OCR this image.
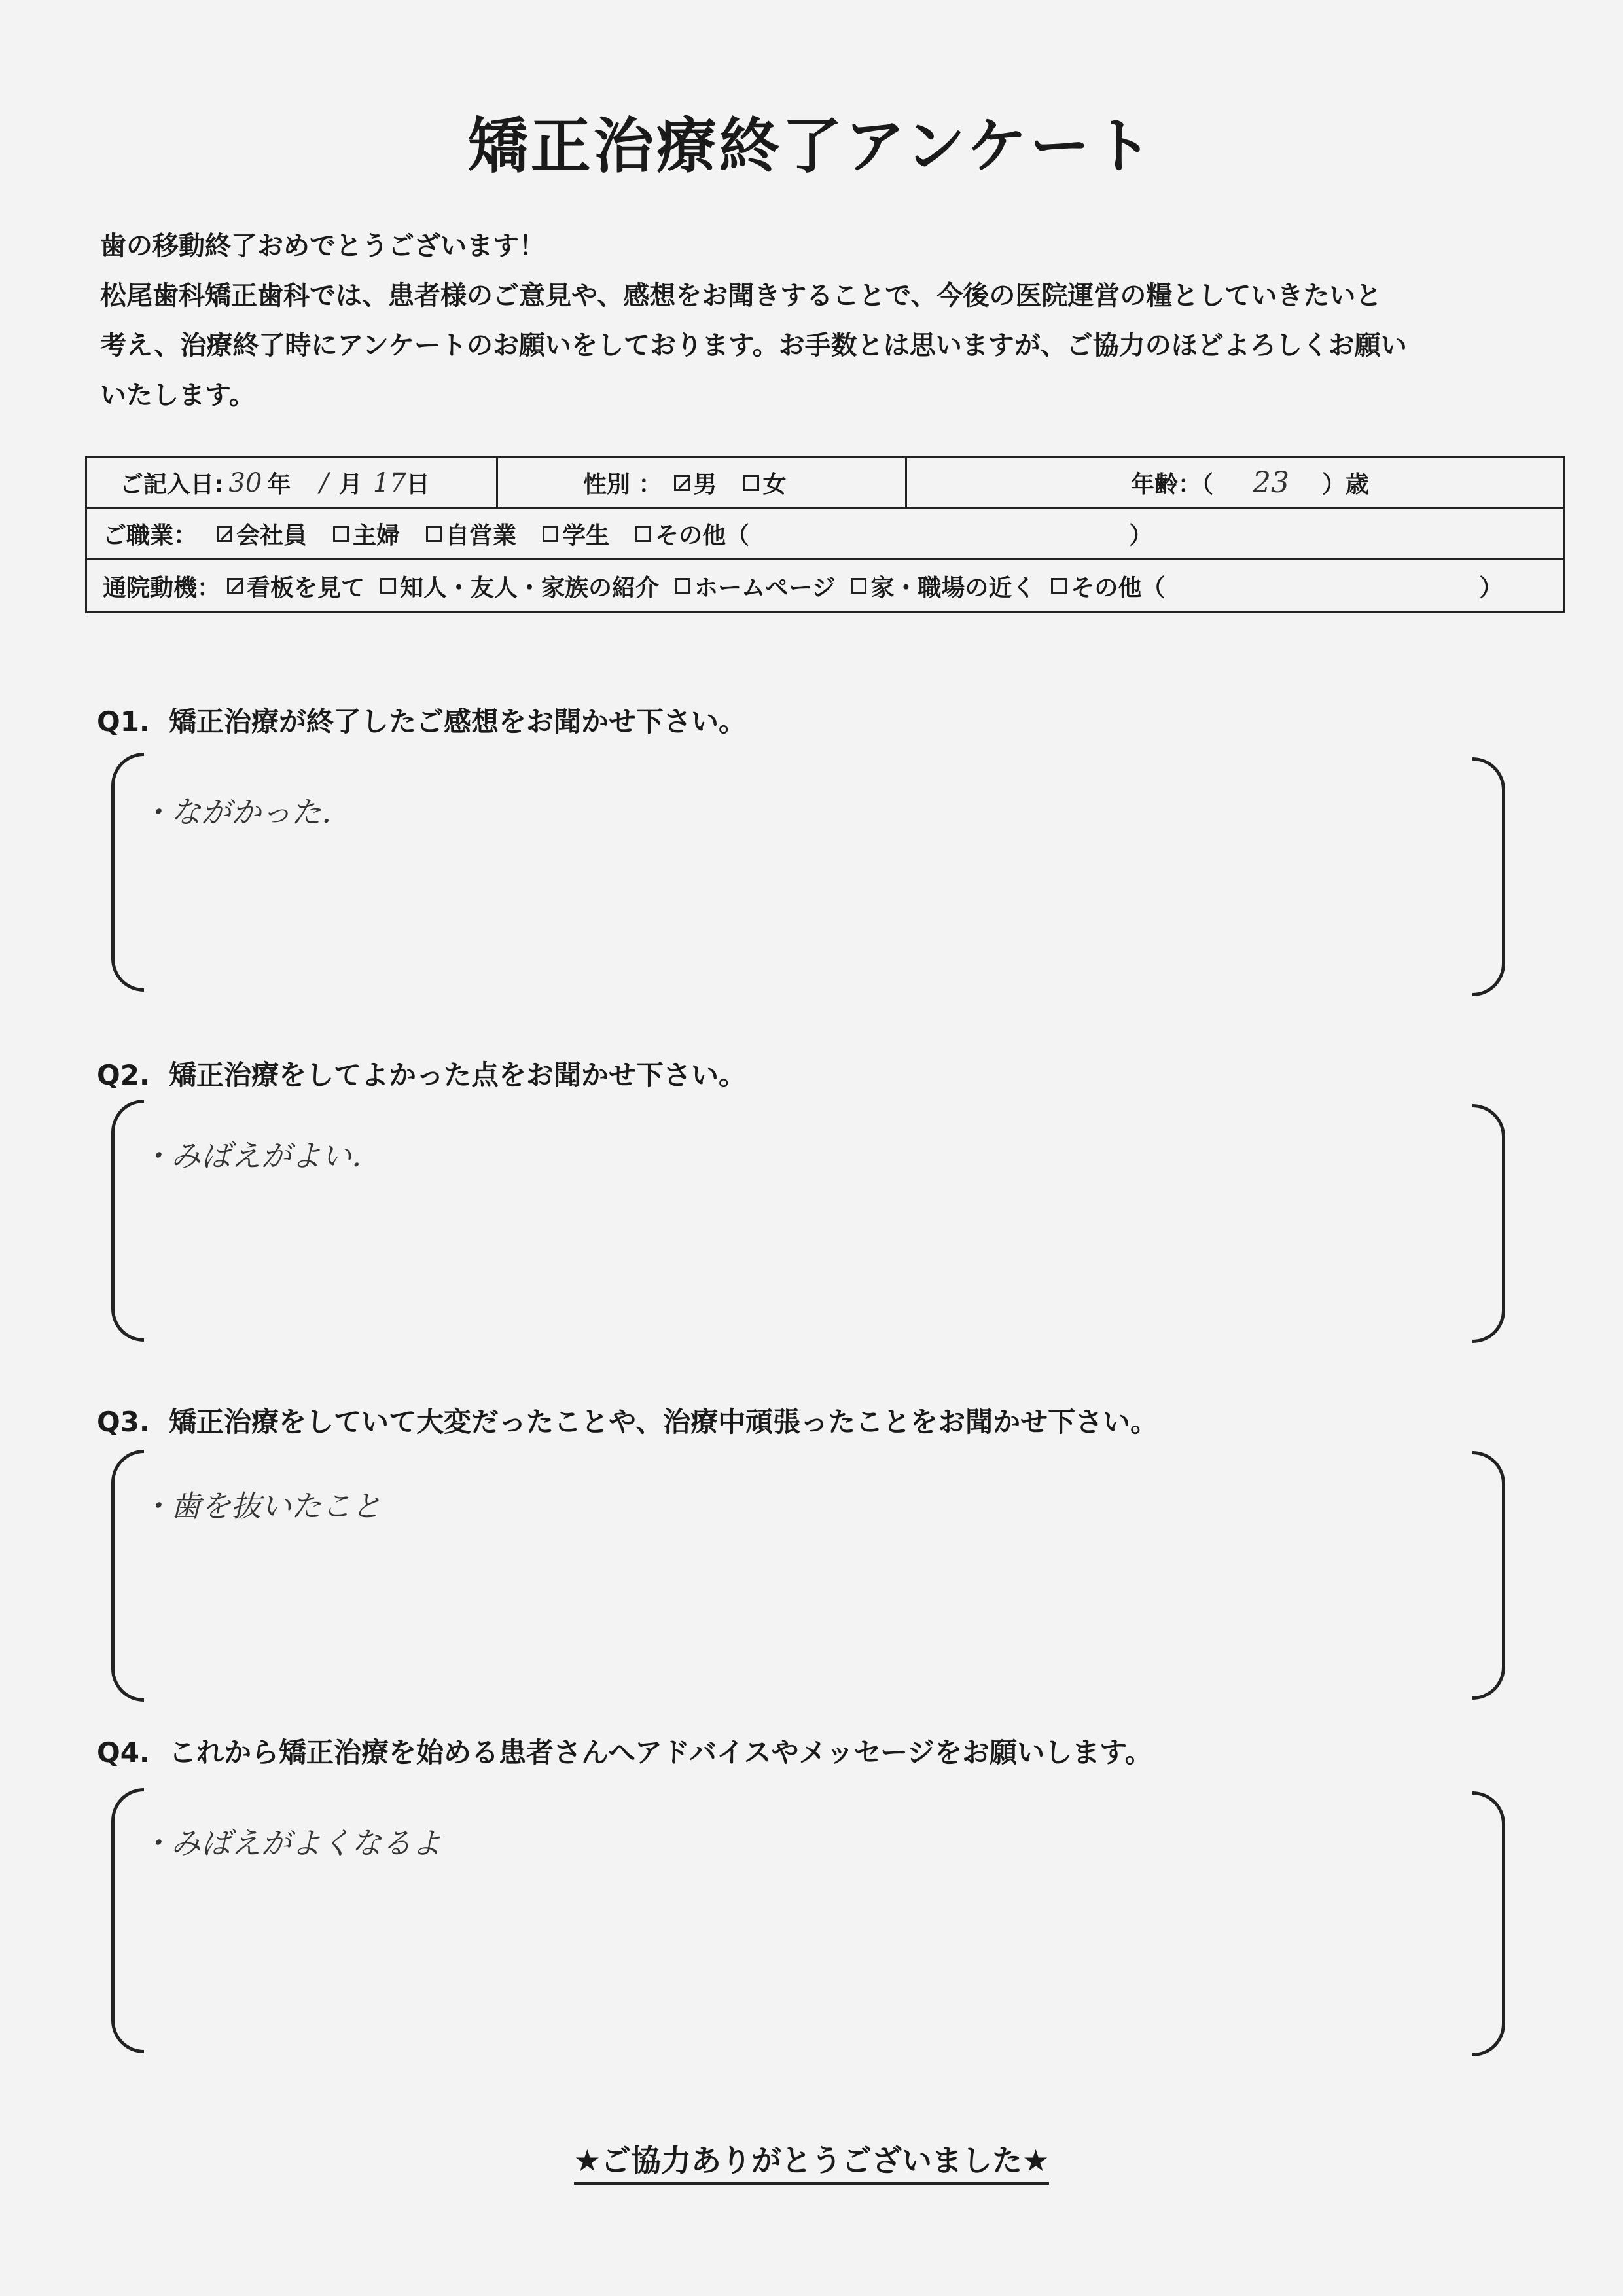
矯正治療終了アンケート
歯の移動終了おめでとうございます！
松尾歯科矯正歯科では、患者様のご意見や、感想をお聞きすることで、今後の医院運営の糧としていきたいと
考え、治療終了時にアンケートのお願いをしております。お手数とは思いますが、ご協力のほどよろしくお願い
いたします。
ご記入日: 30 年 / 月 17 日	性別 ： 男 女	年齢：（ 23 ）歳
ご職業： 会社員 主婦 自営業 学生 その他（	）
通院動機： 看板を見て 知人・友人・家族の紹介 ホームページ 家・職場の近く その他（	）
Q1. 矯正治療が終了したご感想をお聞かせ下さい。
・ながかった．
Q2. 矯正治療をしてよかった点をお聞かせ下さい。
・みばえがよい．
Q3. 矯正治療をしていて大変だったことや、治療中頑張ったことをお聞かせ下さい。
・歯を抜いたこと
Q4. これから矯正治療を始める患者さんへアドバイスやメッセージをお願いします。
・みばえがよくなるよ
★ご協力ありがとうございました★
